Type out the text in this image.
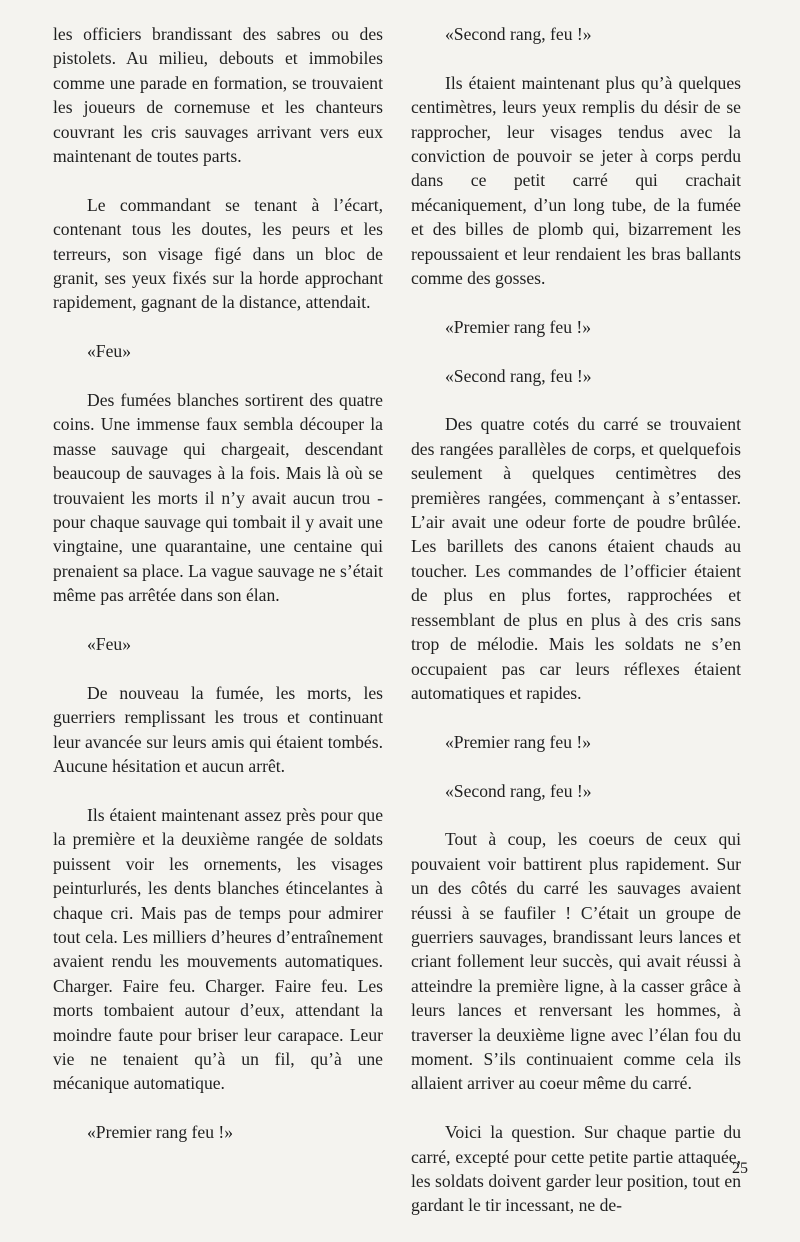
les officiers brandissant des sabres ou des pistolets. Au milieu, debouts et immobiles comme une parade en formation, se trouvaient les joueurs de cornemuse et les chanteurs couvrant les cris sauvages arrivant vers eux maintenant de toutes parts.

Le commandant se tenant à l’écart, contenant tous les doutes, les peurs et les terreurs, son visage figé dans un bloc de granit, ses yeux fixés sur la horde approchant rapidement, gagnant de la distance, attendait.

«Feu»

Des fumées blanches sortirent des quatre coins. Une immense faux sembla découper la masse sauvage qui chargeait, descendant beaucoup de sauvages à la fois. Mais là où se trouvaient les morts il n’y avait aucun trou - pour chaque sauvage qui tombait il y avait une vingtaine, une quarantaine, une centaine qui prenaient sa place. La vague sauvage ne s’était même pas arrêtée dans son élan.

«Feu»

De nouveau la fumée, les morts, les guerriers remplissant les trous et continuant leur avancée sur leurs amis qui étaient tombés. Aucune hésitation et aucun arrêt.

Ils étaient maintenant assez près pour que la première et la deuxième rangée de soldats puissent voir les ornements, les visages peinturlurés, les dents blanches étincelantes à chaque cri. Mais pas de temps pour admirer tout cela. Les milliers d’heures d’entraînement avaient rendu les mouvements automatiques. Charger. Faire feu. Charger. Faire feu. Les morts tombaient autour d’eux, attendant la moindre faute pour briser leur carapace. Leur vie ne tenaient qu’à un fil, qu’à une mécanique automatique.

«Premier rang feu !»

«Second rang, feu !»

Ils étaient maintenant plus qu’à quelques centimètres, leurs yeux remplis du désir de se rapprocher, leur visages tendus avec la conviction de pouvoir se jeter à corps perdu dans ce petit carré qui crachait mécaniquement, d’un long tube, de la fumée et des billes de plomb qui, bizarrement les repoussaient et leur rendaient les bras ballants comme des gosses.

«Premier rang feu !»

«Second rang, feu !»

Des quatre cotés du carré se trouvaient des rangées parallèles de corps, et quelquefois seulement à quelques centimètres des premières rangées, commençant à s’entasser. L’air avait une odeur forte de poudre brûlée. Les barillets des canons étaient chauds au toucher. Les commandes de l’officier étaient de plus en plus fortes, rapprochées et ressemblant de plus en plus à des cris sans trop de mélodie. Mais les soldats ne s’en occupaient pas car leurs réflexes étaient automatiques et rapides.

«Premier rang feu !»

«Second rang, feu !»

Tout à coup, les coeurs de ceux qui pouvaient voir battirent plus rapidement. Sur un des côtés du carré les sauvages avaient réussi à se faufiler ! C’était un groupe de guerriers sauvages, brandissant leurs lances et criant follement leur succès, qui avait réussi à atteindre la première ligne, à la casser grâce à leurs lances et renversant les hommes, à traverser la deuxième ligne avec l’élan fou du moment. S’ils continuaient comme cela ils allaient arriver au coeur même du carré.

Voici la question. Sur chaque partie du carré, excepté pour cette petite partie attaquée, les soldats doivent garder leur position, tout en gardant le tir incessant, ne de-

25
